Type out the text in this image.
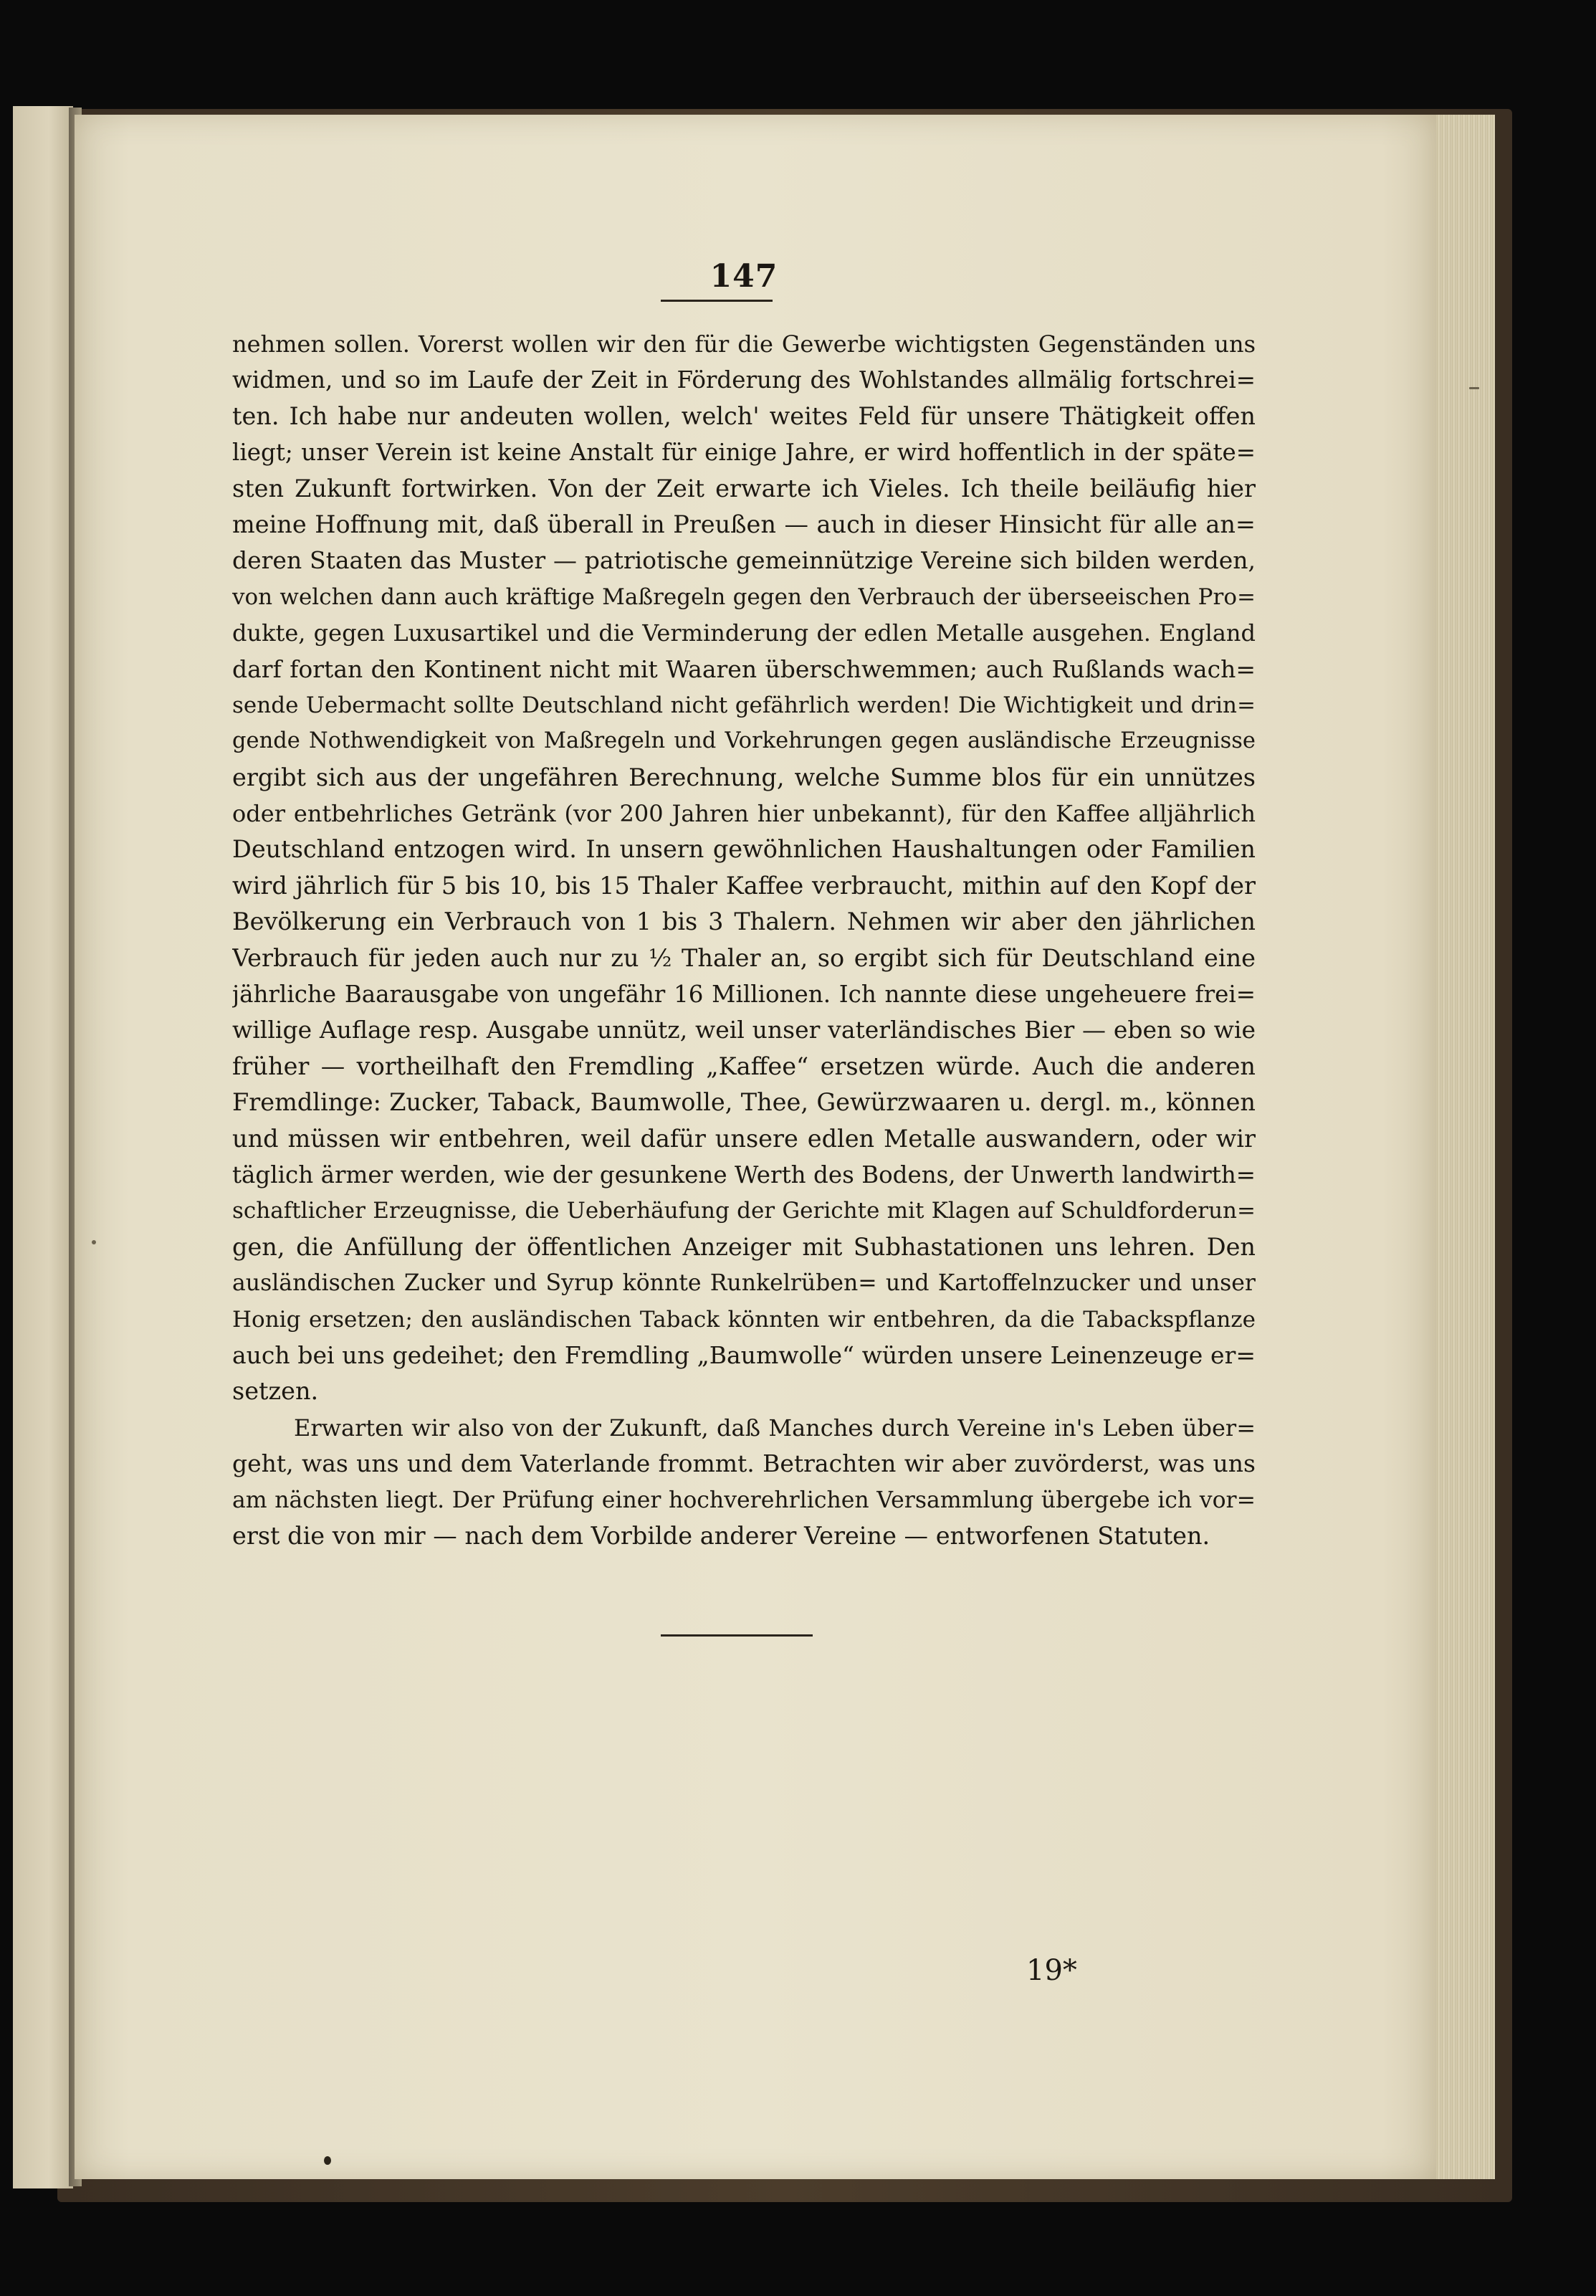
147
nehmen sollen. Vorerst wollen wir den für die Gewerbe wichtigsten Gegenständen uns
widmen, und so im Laufe der Zeit in Förderung des Wohlstandes allmälig fortschrei=
ten. Ich habe nur andeuten wollen, welch' weites Feld für unsere Thätigkeit offen
liegt; unser Verein ist keine Anstalt für einige Jahre, er wird hoffentlich in der späte=
sten Zukunft fortwirken. Von der Zeit erwarte ich Vieles. Ich theile beiläufig hier
meine Hoffnung mit, daß überall in Preußen — auch in dieser Hinsicht für alle an=
deren Staaten das Muster — patriotische gemeinnützige Vereine sich bilden werden,
von welchen dann auch kräftige Maßregeln gegen den Verbrauch der überseeischen Pro=
dukte, gegen Luxusartikel und die Verminderung der edlen Metalle ausgehen. England
darf fortan den Kontinent nicht mit Waaren überschwemmen; auch Rußlands wach=
sende Uebermacht sollte Deutschland nicht gefährlich werden! Die Wichtigkeit und drin=
gende Nothwendigkeit von Maßregeln und Vorkehrungen gegen ausländische Erzeugnisse
ergibt sich aus der ungefähren Berechnung, welche Summe blos für ein unnützes
oder entbehrliches Getränk (vor 200 Jahren hier unbekannt), für den Kaffee alljährlich
Deutschland entzogen wird. In unsern gewöhnlichen Haushaltungen oder Familien
wird jährlich für 5 bis 10, bis 15 Thaler Kaffee verbraucht, mithin auf den Kopf der
Bevölkerung ein Verbrauch von 1 bis 3 Thalern. Nehmen wir aber den jährlichen
Verbrauch für jeden auch nur zu ½ Thaler an, so ergibt sich für Deutschland eine
jährliche Baarausgabe von ungefähr 16 Millionen. Ich nannte diese ungeheuere frei=
willige Auflage resp. Ausgabe unnütz, weil unser vaterländisches Bier — eben so wie
früher — vortheilhaft den Fremdling „Kaffee“ ersetzen würde. Auch die anderen
Fremdlinge: Zucker, Taback, Baumwolle, Thee, Gewürzwaaren u. dergl. m., können
und müssen wir entbehren, weil dafür unsere edlen Metalle auswandern, oder wir
täglich ärmer werden, wie der gesunkene Werth des Bodens, der Unwerth landwirth=
schaftlicher Erzeugnisse, die Ueberhäufung der Gerichte mit Klagen auf Schuldforderun=
gen, die Anfüllung der öffentlichen Anzeiger mit Subhastationen uns lehren. Den
ausländischen Zucker und Syrup könnte Runkelrüben= und Kartoffelnzucker und unser
Honig ersetzen; den ausländischen Taback könnten wir entbehren, da die Tabackspflanze
auch bei uns gedeihet; den Fremdling „Baumwolle“ würden unsere Leinenzeuge er=
setzen.
Erwarten wir also von der Zukunft, daß Manches durch Vereine in's Leben über=
geht, was uns und dem Vaterlande frommt. Betrachten wir aber zuvörderst, was uns
am nächsten liegt. Der Prüfung einer hochverehrlichen Versammlung übergebe ich vor=
erst die von mir — nach dem Vorbilde anderer Vereine — entworfenen Statuten.
19*
